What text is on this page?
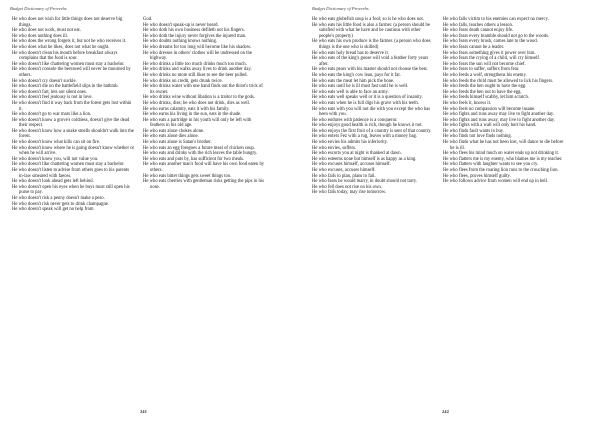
Budget Dictionary of Proverbs
He who does not wish for little things does not deserve big things.
He who does not work, must not eat.
He who does nothing does ill.
He who does the wrong forgets it, but not he who receives it.
He who does what he likes, does not what he ought.
He who doesn't clean his mouth before breakfast always complains that the food is sour.
He who doesn't like chattering women must stay a bachelor.
He who doesn't console the bereaved will never be mourned by others.
He who doesn't cry doesn't suckle.
He who doesn't die on the battlefield slips in the bathtub.
He who doesn't fart, lets out silent ones.
He who doesn't feel jealousy is not in love.
He who doesn't find it way back from the forest gets lost within it.
He who doesn't go to war mars like a lion.
He who doesn't know a grove's coldness, doesn't give the dead their respect.
He who doesn't know how a snake smells shouldn't walk into the forest.
He who doesn't know what kills can sit on fire.
He who doesn't know where he is going doesn't know whether or when he will arrive.
He who doesn't know you, will not value you.
He who doesn't like chattering women must stay a bachelor.
He who doesn't listen to advise from others goes to his parents in-law smeared with faeces.
He who doesn't look ahead gets left behind.
He who doesn't open his eyes when he buys must still open his purse to pay.
He who doesn't risk a penny doesn't make a peso.
He who doesn't risk never gets to drink champagne.
He who doesn't speak will get no help from
God.
He who doesn't speak-up is never heard.
He who doth his own business defileth not his fingers.
He who doth the injury never forgives the injured man.
He who doubts nothing knows nothing.
He who dreams for too long will become like his shadow.
He who dresses in others' clothes will be undressed on the highway.
He who drinks a little too much drinks much too much.
He who drinks and walks away lives to drink another day.
He who drinks no more still likes to see the beer pulled.
He who drinks on credit, gets drunk twice.
He who drinks water with one hand finds out the thirst's trick of its owner.
He who drinks wine without libation is a traitor to the gods.
He who drinks, dies; he who does not drink, dies as well.
He who earns calamity, eats it with his family.
He who earns his living in the sun, eats in the shade.
He who eats a partridge in his youth will only be left with feathers in his old age.
He who eats alone chokes alone.
He who eats alone dies alone.
He who eats alone is Satan's brother.
He who eats an egg foregoes a future meal of chicken soup.
He who eats and drinks with the rich leaves the table hungry.
He who eats and puts by, has sufficient for two meals.
He who eats another man's food will have his own food eaten by others.
He who eats bitter things gets sweet things too.
He who eats cherries with gentleman risks getting the pips in his nose.
241
Budget Dictionary of Proverbs
He who eats globefish soup is a fool; so is he who does not.
He who eats his little food is also a farmer. (a person should be satisfied with what he have and be cautious with other people's property)
He who eats his own produce is the farmer. (a person who does things is the one who is skilled)
He who eats holy bread has to deserve it.
He who eats of the king's goose will void a feather forty years after.
He who eats pears with his master should not choose the best.
He who eats the king's cow lean, pays for it fat.
He who eats the meat let him pick the bone.
He who eats until he is ill must fast until he is well.
He who eats well is able to face an army.
He who eats well speaks well or it is a question of insanity.
He who eats when he is full digs his grave with his teeth.
He who eats with you will not die with you except the who has been with you.
He who endures with patience is a conqueror.
He who enjoys good health is rich, though he knows it not.
He who enjoys the first fruit of a country is sent of that country.
He who enters Fez with a rug, leaves with a money bag.
He who envies his admits his inferiority.
He who envies, suffers.
He who escorts you at night is thanked at dawn.
He who esteems none but himself is as happy as a king.
He who excuses himself, accuses himself.
He who excuses, accuses himself.
He who fails to plan, plans to fail.
He who fears he would marry, in doubt should not tarry.
He who fell does not rise on his own.
He who fails today, may rise tomorrow.
He who falls victim to his enemies can expect no mercy.
He who falls, teaches others a lesson.
He who fears death cannot enjoy life.
He who fears every bramble should not go to the woods.
He who fears every brush, comes late to the wood.
He who fears cannot be a leader.
He who fears something gives it power over him.
He who fears the crying of a child, will cry himself.
He who fears the sun will not become chief.
He who fears to suffer, suffers from fear.
He who feeds a wolf, strengthens his enemy.
He who feeds the child must be allowed to lick his fingers.
He who feeds the hen ought to have the egg.
He who feeds the hen out to have the egg.
He who feeds himself scabby, let him scratch.
He who feels it, knows it.
He who feels no compassion will become insane.
He who fights and runs away may live to fight another day.
He who fights and runs away, may live to fight another day.
He who fights with a wall will only hurt his hand.
He who finds fault wants to buy.
He who finds not love finds nothing.
He who finds what he has not been lost, will dance to die before he is ill.
He who flees his mind much on water ends up not drinking it.
He who flatters me is my enemy, who blames me is my teacher.
He who flatters with laughter wants to see you cry.
He who flees from the roaring lion runs to the crouching lion.
He who flees, proves himself guilty.
He who follows advice from women will end up in hell.
242
